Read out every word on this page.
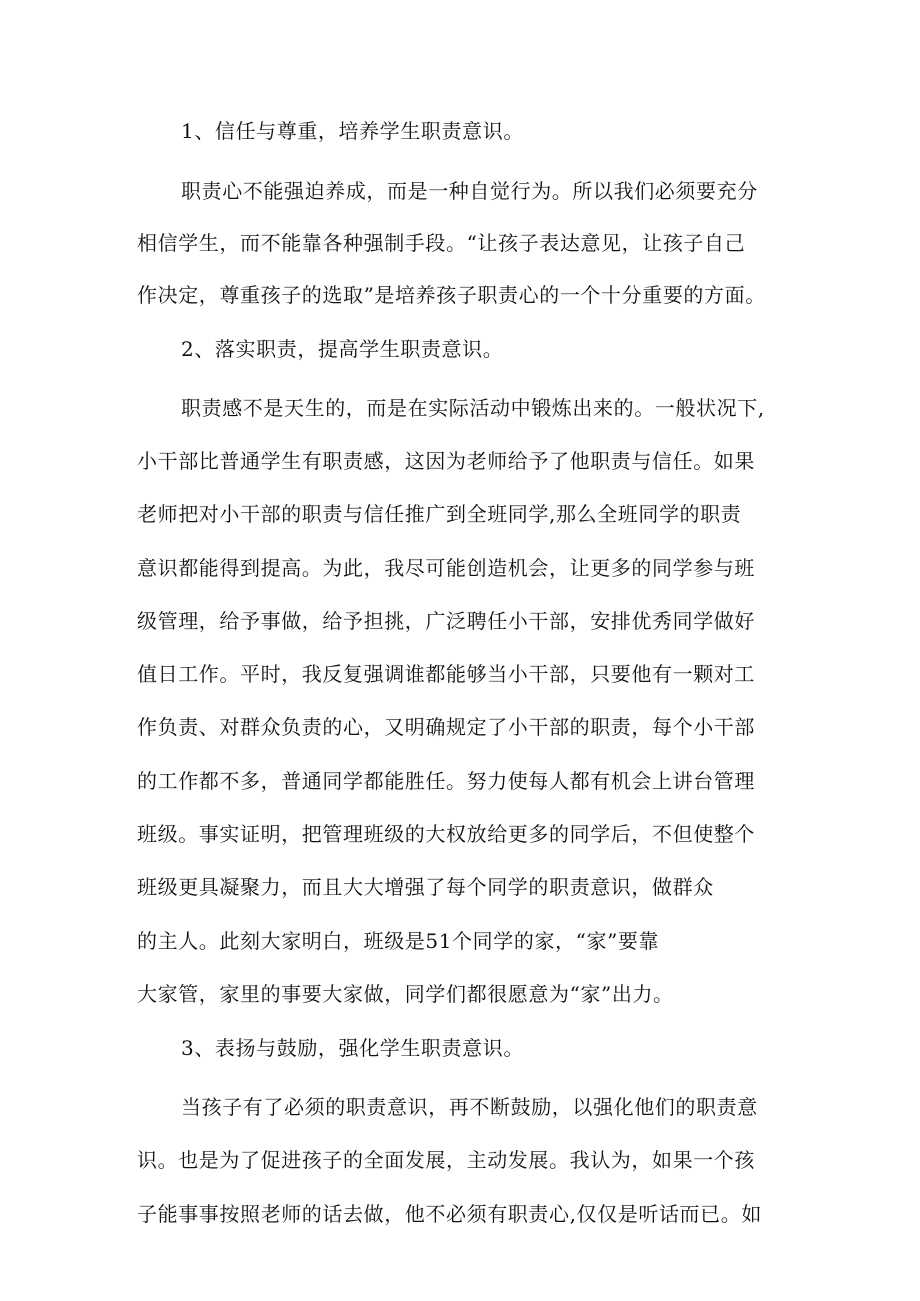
1、信任与尊重，培养学生职责意识。
职责心不能强迫养成，而是一种自觉行为。所以我们必须要充分
相信学生，而不能靠各种强制手段。“让孩子表达意见，让孩子自己
作决定，尊重孩子的选取”是培养孩子职责心的一个十分重要的方面。
2、落实职责，提高学生职责意识。
职责感不是天生的，而是在实际活动中锻炼出来的。一般状况下,
小干部比普通学生有职责感，这因为老师给予了他职责与信任。如果
老师把对小干部的职责与信任推广到全班同学,那么全班同学的职责
意识都能得到提高。为此，我尽可能创造机会，让更多的同学参与班
级管理，给予事做，给予担挑，广泛聘任小干部，安排优秀同学做好
值日工作。平时，我反复强调谁都能够当小干部，只要他有一颗对工
作负责、对群众负责的心，又明确规定了小干部的职责，每个小干部
的工作都不多，普通同学都能胜任。努力使每人都有机会上讲台管理
班级。事实证明，把管理班级的大权放给更多的同学后，不但使整个
班级更具凝聚力，而且大大增强了每个同学的职责意识，做群众
的主人。此刻大家明白，班级是51个同学的家，“家”要靠
大家管，家里的事要大家做，同学们都很愿意为“家”出力。
3、表扬与鼓励，强化学生职责意识。
当孩子有了必须的职责意识，再不断鼓励，以强化他们的职责意
识。也是为了促进孩子的全面发展，主动发展。我认为，如果一个孩
子能事事按照老师的话去做，他不必须有职责心,仅仅是听话而已。如
